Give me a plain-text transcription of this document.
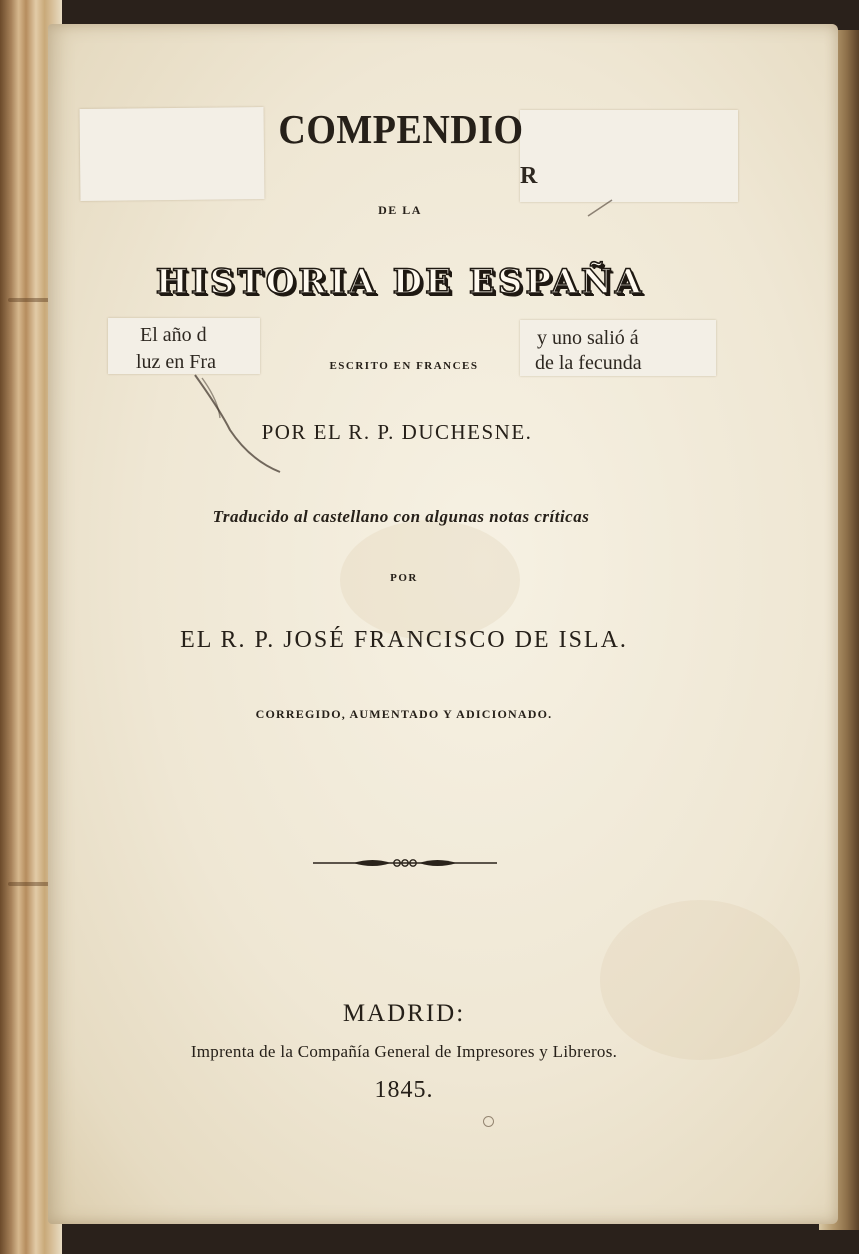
R
El año d
luz en Fra
y uno salió á
de la fecunda
COMPENDIO
DE LA
HISTORIA DE ESPAÑA
ESCRITO EN FRANCES
POR EL R. P. DUCHESNE.
Traducido al castellano con algunas notas críticas
POR
EL R. P. JOSÉ FRANCISCO DE ISLA.
CORREGIDO, AUMENTADO Y ADICIONADO.
MADRID:
Imprenta de la Compañía General de Impresores y Libreros.
1845.
